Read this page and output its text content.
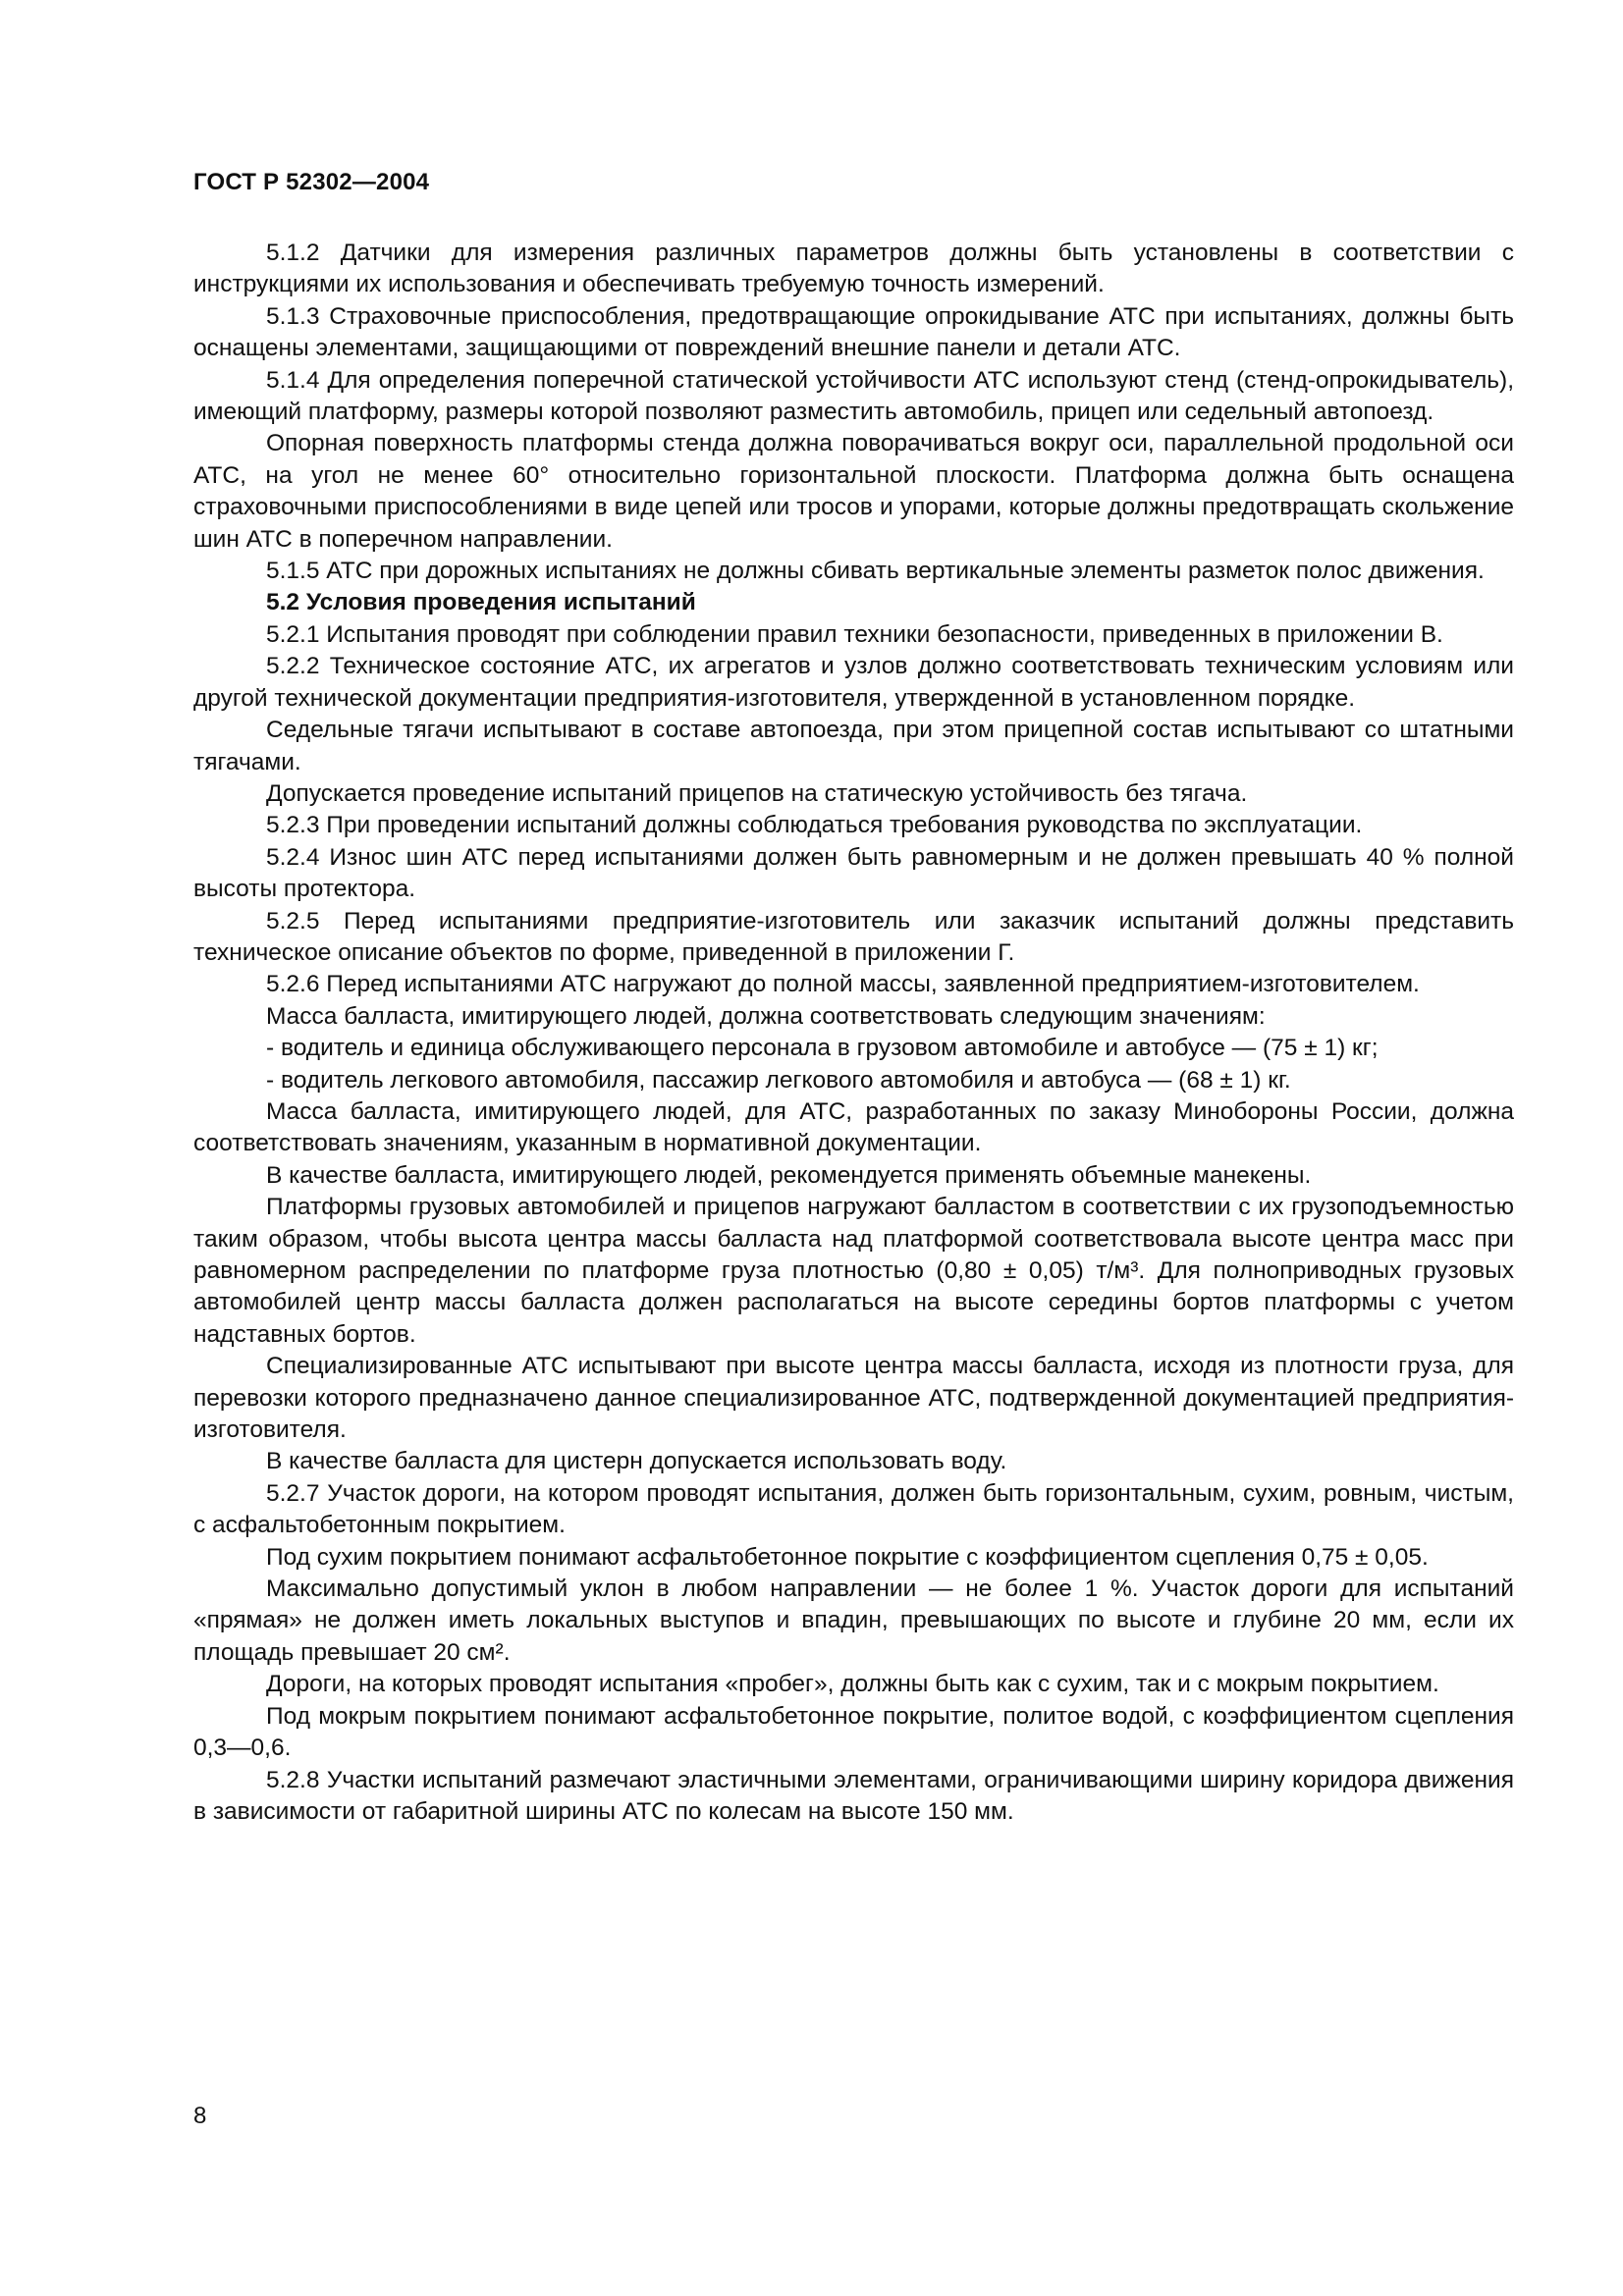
ГОСТ Р 52302—2004

5.1.2 Датчики для измерения различных параметров должны быть установлены в соответствии с инструкциями их использования и обеспечивать требуемую точность измерений.

5.1.3 Страховочные приспособления, предотвращающие опрокидывание АТС при испытаниях, должны быть оснащены элементами, защищающими от повреждений внешние панели и детали АТС.

5.1.4 Для определения поперечной статической устойчивости АТС используют стенд (стенд-опрокидыватель), имеющий платформу, размеры которой позволяют разместить автомобиль, прицеп или седельный автопоезд.

Опорная поверхность платформы стенда должна поворачиваться вокруг оси, параллельной продольной оси АТС, на угол не менее 60° относительно горизонтальной плоскости. Платформа должна быть оснащена страховочными приспособлениями в виде цепей или тросов и упорами, которые должны предотвращать скольжение шин АТС в поперечном направлении.

5.1.5 АТС при дорожных испытаниях не должны сбивать вертикальные элементы разметок полос движения.

5.2 Условия проведения испытаний

5.2.1 Испытания проводят при соблюдении правил техники безопасности, приведенных в приложении В.

5.2.2 Техническое состояние АТС, их агрегатов и узлов должно соответствовать техническим условиям или другой технической документации предприятия-изготовителя, утвержденной в установленном порядке.

Седельные тягачи испытывают в составе автопоезда, при этом прицепной состав испытывают со штатными тягачами.

Допускается проведение испытаний прицепов на статическую устойчивость без тягача.

5.2.3 При проведении испытаний должны соблюдаться требования руководства по эксплуатации.

5.2.4 Износ шин АТС перед испытаниями должен быть равномерным и не должен превышать 40 % полной высоты протектора.

5.2.5 Перед испытаниями предприятие-изготовитель или заказчик испытаний должны представить техническое описание объектов по форме, приведенной в приложении Г.

5.2.6 Перед испытаниями АТС нагружают до полной массы, заявленной предприятием-изготовителем.

Масса балласта, имитирующего людей, должна соответствовать следующим значениям:

- водитель и единица обслуживающего персонала в грузовом автомобиле и автобусе — (75 ± 1) кг;

- водитель легкового автомобиля, пассажир легкового автомобиля и автобуса — (68 ± 1) кг.

Масса балласта, имитирующего людей, для АТС, разработанных по заказу Минобороны России, должна соответствовать значениям, указанным в нормативной документации.

В качестве балласта, имитирующего людей, рекомендуется применять объемные манекены.

Платформы грузовых автомобилей и прицепов нагружают балластом в соответствии с их грузоподъемностью таким образом, чтобы высота центра массы балласта над платформой соответствовала высоте центра масс при равномерном распределении по платформе груза плотностью (0,80 ± 0,05) т/м³. Для полноприводных грузовых автомобилей центр массы балласта должен располагаться на высоте середины бортов платформы с учетом надставных бортов.

Специализированные АТС испытывают при высоте центра массы балласта, исходя из плотности груза, для перевозки которого предназначено данное специализированное АТС, подтвержденной документацией предприятия-изготовителя.

В качестве балласта для цистерн допускается использовать воду.

5.2.7 Участок дороги, на котором проводят испытания, должен быть горизонтальным, сухим, ровным, чистым, с асфальтобетонным покрытием.

Под сухим покрытием понимают асфальтобетонное покрытие с коэффициентом сцепления 0,75 ± 0,05.

Максимально допустимый уклон в любом направлении — не более 1 %. Участок дороги для испытаний «прямая» не должен иметь локальных выступов и впадин, превышающих по высоте и глубине 20 мм, если их площадь превышает 20 см².

Дороги, на которых проводят испытания «пробег», должны быть как с сухим, так и с мокрым покрытием.

Под мокрым покрытием понимают асфальтобетонное покрытие, политое водой, с коэффициентом сцепления 0,3—0,6.

5.2.8 Участки испытаний размечают эластичными элементами, ограничивающими ширину коридора движения в зависимости от габаритной ширины АТС по колесам на высоте 150 мм.

8
